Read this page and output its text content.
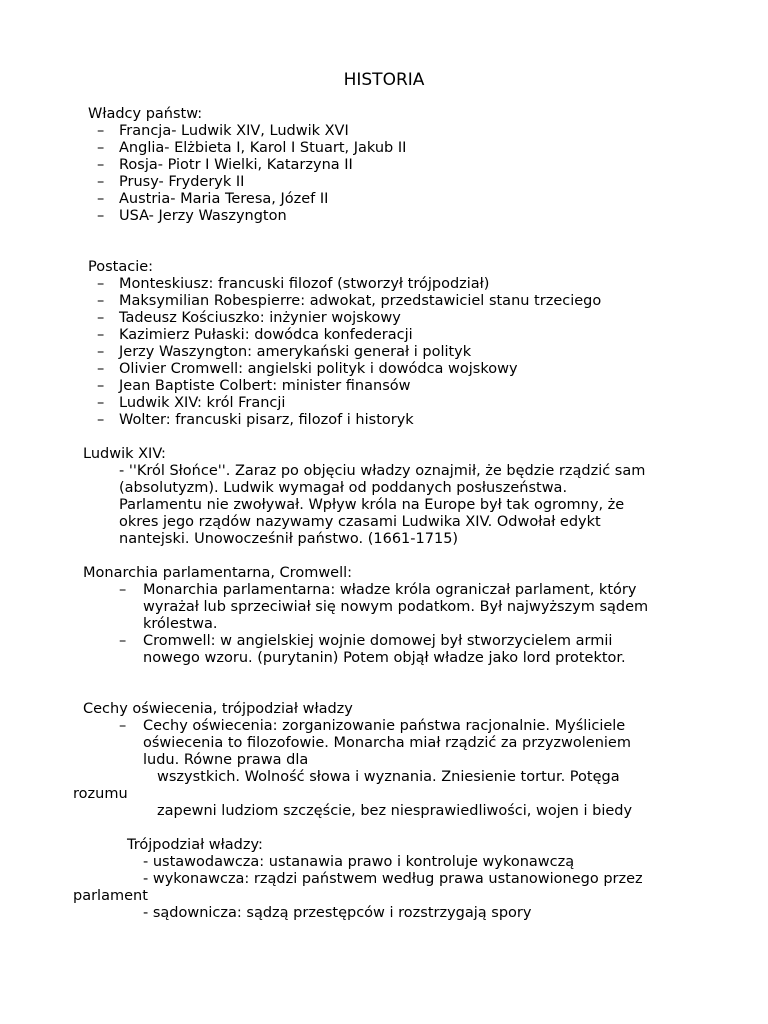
HISTORIA
Władcy państw:
– Francja- Ludwik XIV, Ludwik XVI
– Anglia- Elżbieta I, Karol I Stuart, Jakub II
– Rosja- Piotr I Wielki, Katarzyna II
– Prusy- Fryderyk II
– Austria- Maria Teresa, Józef II
– USA- Jerzy Waszyngton
Postacie:
– Monteskiusz: francuski filozof (stworzył trójpodział)
– Maksymilian Robespierre: adwokat, przedstawiciel stanu trzeciego
– Tadeusz Kościuszko: inżynier wojskowy
– Kazimierz Pułaski: dowódca konfederacji
– Jerzy Waszyngton: amerykański generał i polityk
– Olivier Cromwell: angielski polityk i dowódca wojskowy
– Jean Baptiste Colbert: minister finansów
– Ludwik XIV: król Francji
– Wolter: francuski pisarz, filozof i historyk
Ludwik XIV:
- ''Król Słońce''. Zaraz po objęciu władzy oznajmił, że będzie rządzić sam
(absolutyzm). Ludwik wymagał od poddanych posłuszeństwa.
Parlamentu nie zwoływał. Wpływ króla na Europe był tak ogromny, że
okres jego rządów nazywamy czasami Ludwika XIV. Odwołał edykt
nantejski. Unowocześnił państwo. (1661-1715)
Monarchia parlamentarna, Cromwell:
– Monarchia parlamentarna: władze króla ograniczał parlament, który
wyrażał lub sprzeciwiał się nowym podatkom. Był najwyższym sądem
królestwa.
– Cromwell: w angielskiej wojnie domowej był stworzycielem armii
nowego wzoru. (purytanin) Potem objął władze jako lord protektor.
Cechy oświecenia, trójpodział władzy
– Cechy oświecenia: zorganizowanie państwa racjonalnie. Myśliciele
oświecenia to filozofowie. Monarcha miał rządzić za przyzwoleniem
ludu. Równe prawa dla
wszystkich. Wolność słowa i wyznania. Zniesienie tortur. Potęga
rozumu
zapewni ludziom szczęście, bez niesprawiedliwości, wojen i biedy
Trójpodział władzy:
- ustawodawcza: ustanawia prawo i kontroluje wykonawczą
- wykonawcza: rządzi państwem według prawa ustanowionego przez
parlament
- sądownicza: sądzą przestępców i rozstrzygają spory
